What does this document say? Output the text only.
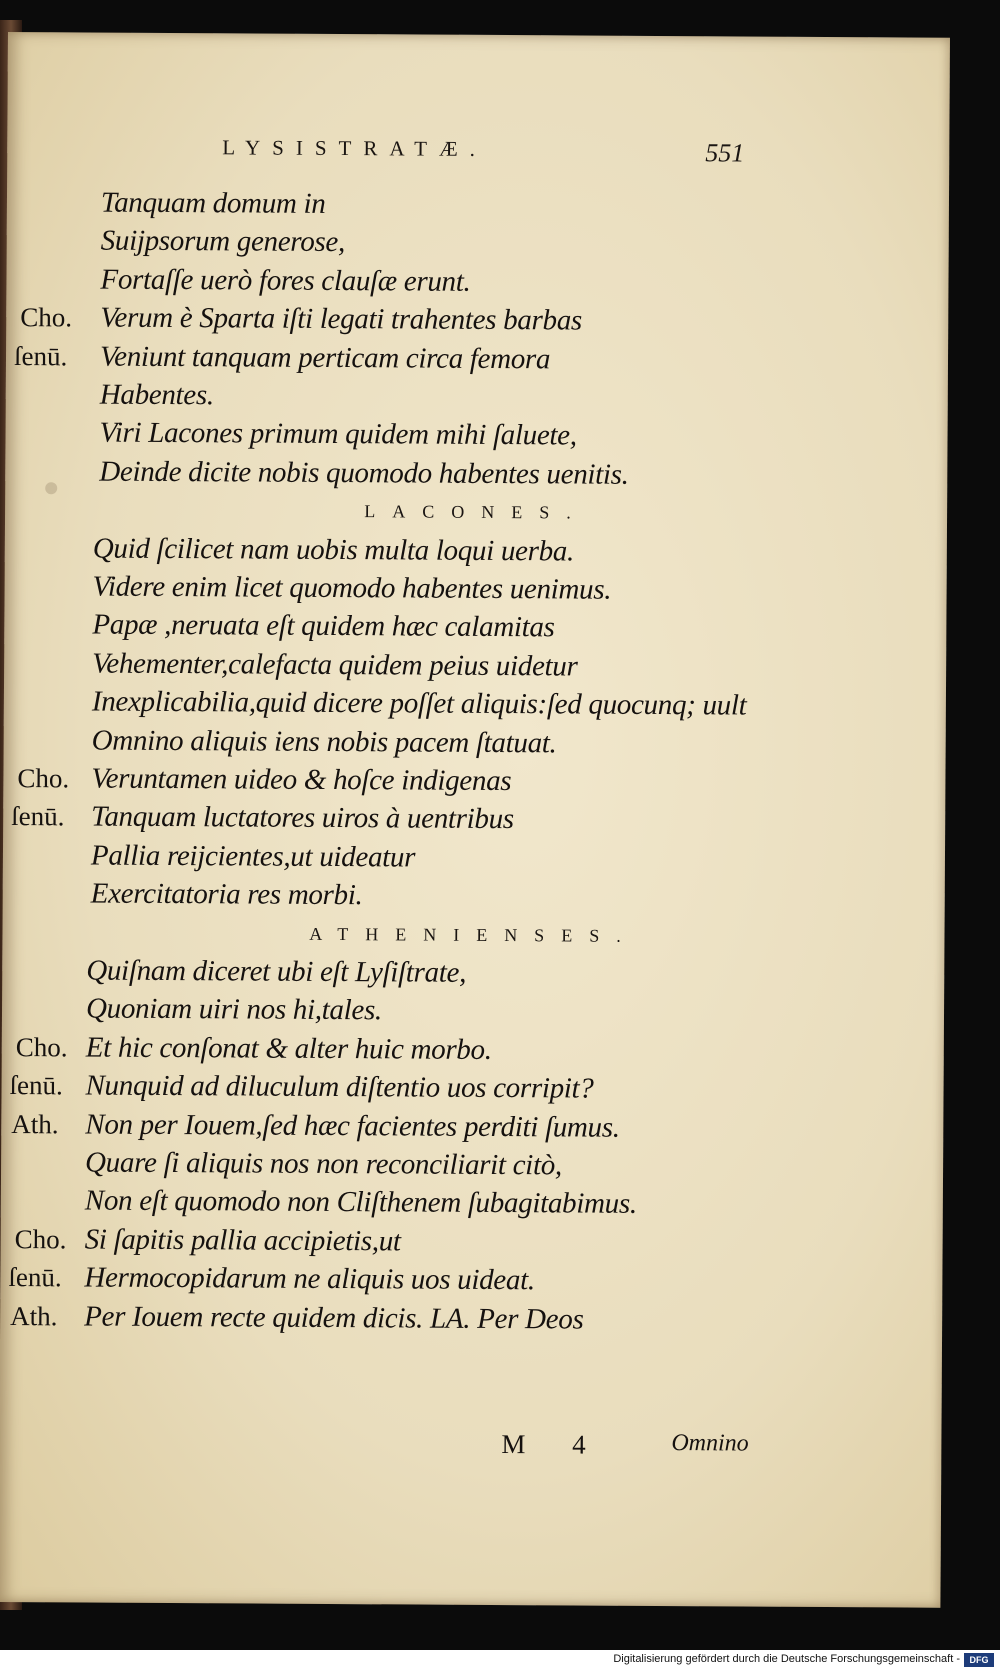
LYSISTRATÆ.	551
Tanquam domum in
Suijpsorum generose,
Fortaſſe uerò fores clauſæ erunt.
Cho. Verum è Sparta iſti legati trahentes barbas
ſenū.	Veniunt tanquam perticam circa femora
Habentes.
Viri Lacones primum quidem mihi ſaluete,
Deinde dicite nobis quomodo habentes uenitis.
LACONES.
Quid ſcilicet nam uobis multa loqui uerba.
Videre enim licet quomodo habentes uenimus.
Papæ ,neruata eſt quidem hæc calamitas
Vehementer,calefacta quidem peius uidetur
Inexplicabilia,quid dicere poſſet aliquis:ſed quocunq; uult
Omnino aliquis iens nobis pacem ſtatuat.
Cho. Veruntamen uideo & hoſce indigenas
ſenū. Tanquam luctatores uiros à uentribus
Pallia reijcientes,ut uideatur
Exercitatoria res morbi.
ATHENIENSES.
Quiſnam diceret ubi eſt Lyſiſtrate,
Quoniam uiri nos hi,tales.
Cho. Et hic conſonat & alter huic morbo.
ſenū. Nunquid ad diluculum diſtentio uos corripit?
Ath. Non per Iouem,ſed hæc facientes perditi ſumus.
Quare ſi aliquis nos non reconciliarit citò,
Non eſt quomodo non Cliſthenem ſubagitabimus.
Cho. Si ſapitis pallia accipietis,ut
ſenū. Hermocopidarum ne aliquis uos uideat.
Ath. Per Iouem recte quidem dicis. LA. Per Deos
M 4	Omnino
Digitalisierung gefördert durch die Deutsche Forschungsgemeinschaft -	DFG
